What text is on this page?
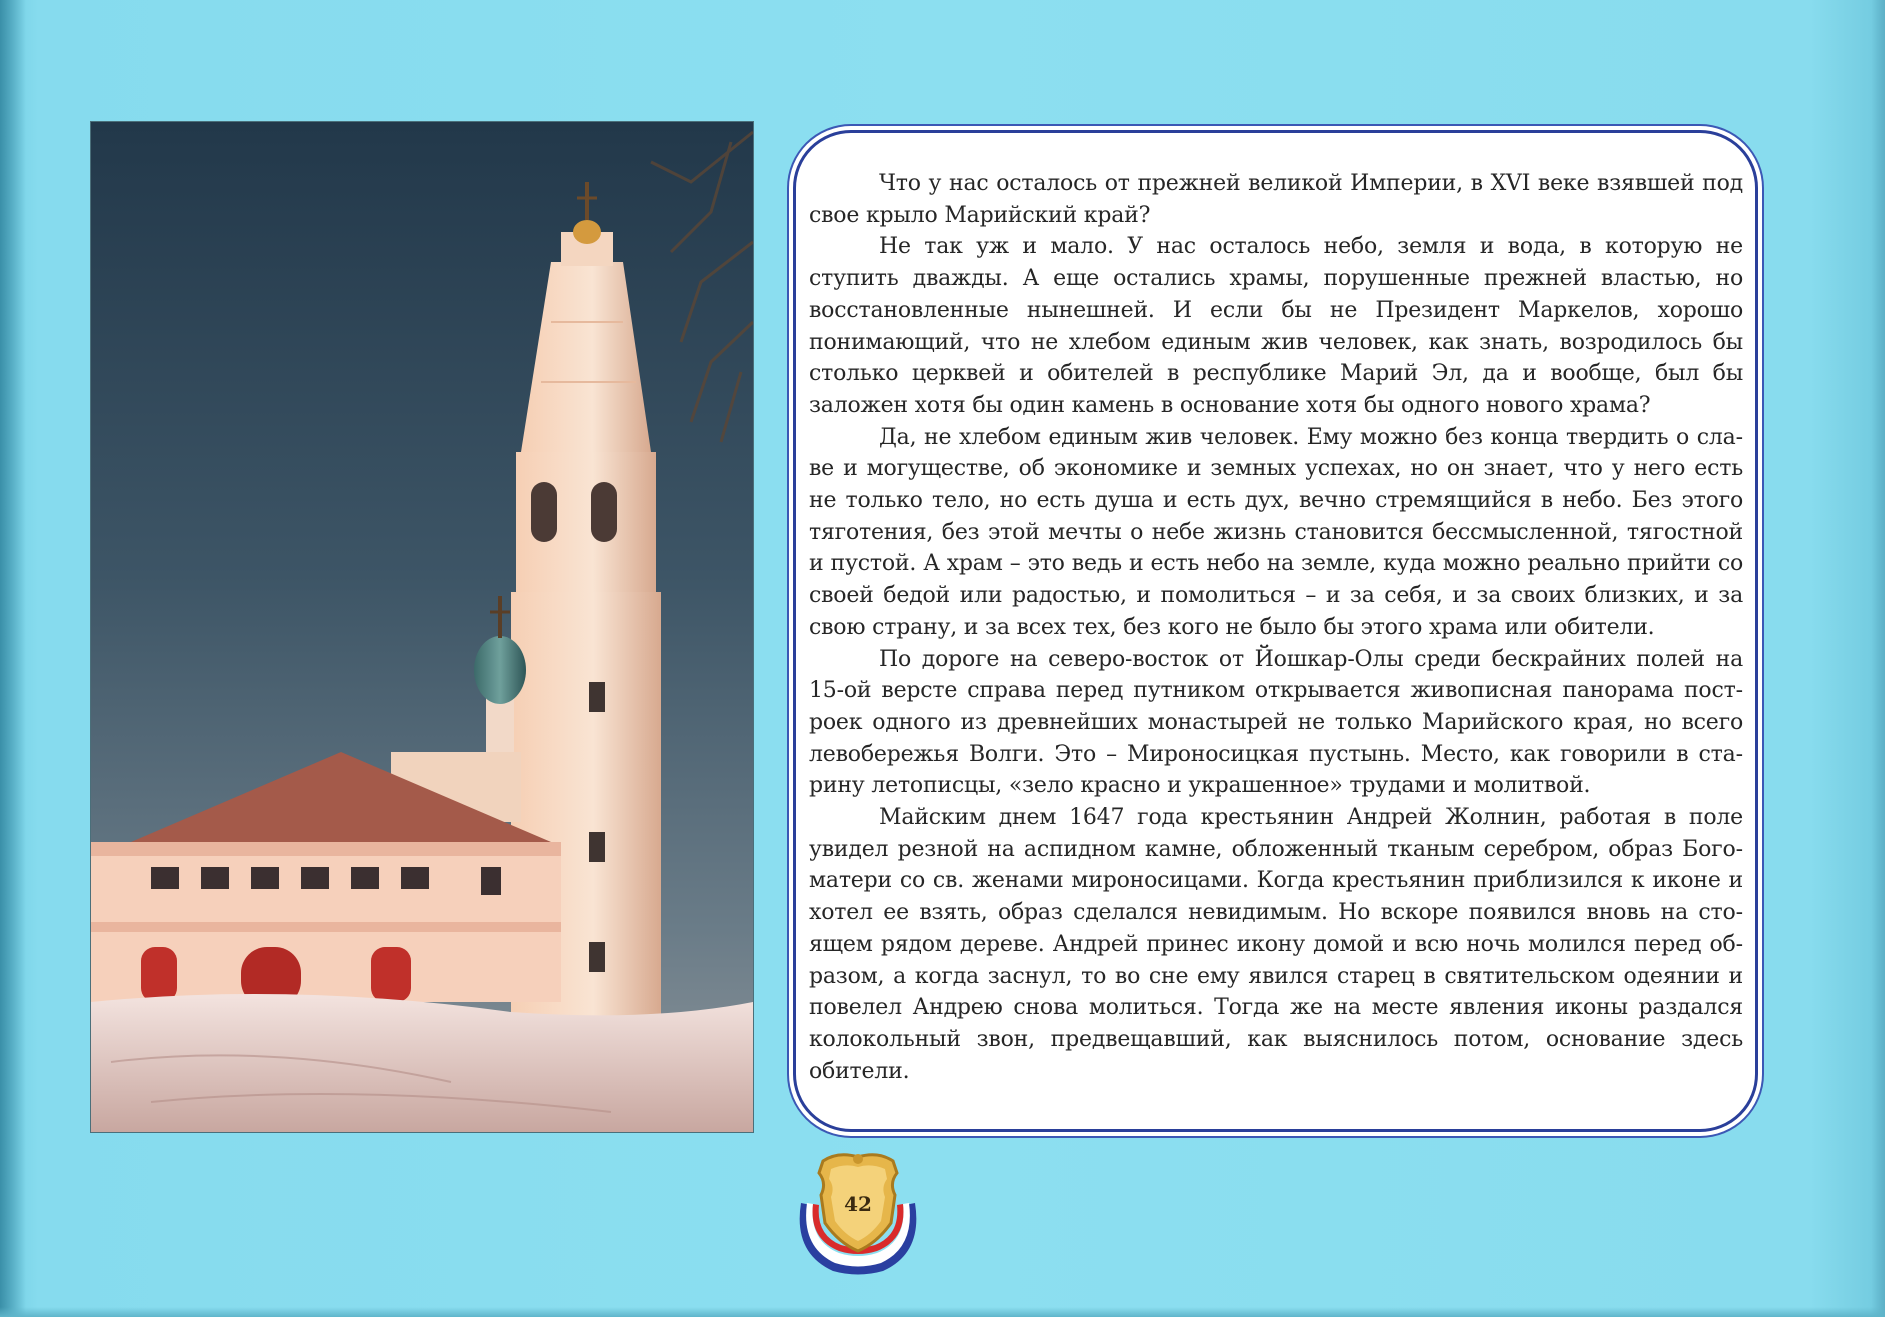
Что у нас осталось от прежней великой Империи, в XVI веке взявшей под свое крыло Марийский край?

Не так уж и мало. У нас осталось небо, земля и вода, в которую не ступить дважды. А еще остались храмы, порушенные прежней властью, но восстановленные нынешней. И если бы не Президент Маркелов, хорошо понимающий, что не хлебом единым жив человек, как знать, возродилось бы столько церквей и обителей в республике Марий Эл, да и вообще, был бы заложен хотя бы один камень в основание хотя бы одного нового храма?

Да, не хлебом единым жив человек. Ему можно без конца твердить о славе и могуществе, об экономике и земных успехах, но он знает, что у него есть не только тело, но есть душа и есть дух, вечно стремящийся в небо. Без этого тяготения, без этой мечты о небе жизнь становится бессмысленной, тягостной и пустой. А храм – это ведь и есть небо на земле, куда можно реально прийти со своей бедой или радостью, и помолиться – и за себя, и за своих близких, и за свою страну, и за всех тех, без кого не было бы этого храма или обители.

По дороге на северо-восток от Йошкар-Олы среди бескрайних полей на 15-ой версте справа перед путником открывается живописная панорама построек одного из древнейших монастырей не только Марийского края, но всего левобережья Волги. Это – Мироносицкая пустынь. Место, как говорили в старину летописцы, «зело красно и украшенное» трудами и молитвой.

Майским днем 1647 года крестьянин Андрей Жолнин, работая в поле увидел резной на аспидном камне, обложенный тканым серебром, образ Богоматери со св. женами мироносицами. Когда крестьянин приблизился к иконе и хотел ее взять, образ сделался невидимым. Но вскоре появился вновь на стоящем рядом дереве. Андрей принес икону домой и всю ночь молился перед образом, а когда заснул, то во сне ему явился старец в святительском одеянии и повелел Андрею снова молиться. Тогда же на месте явления иконы раздался колокольный звон, предвещавший, как выяснилось потом, основание здесь обители.

42
